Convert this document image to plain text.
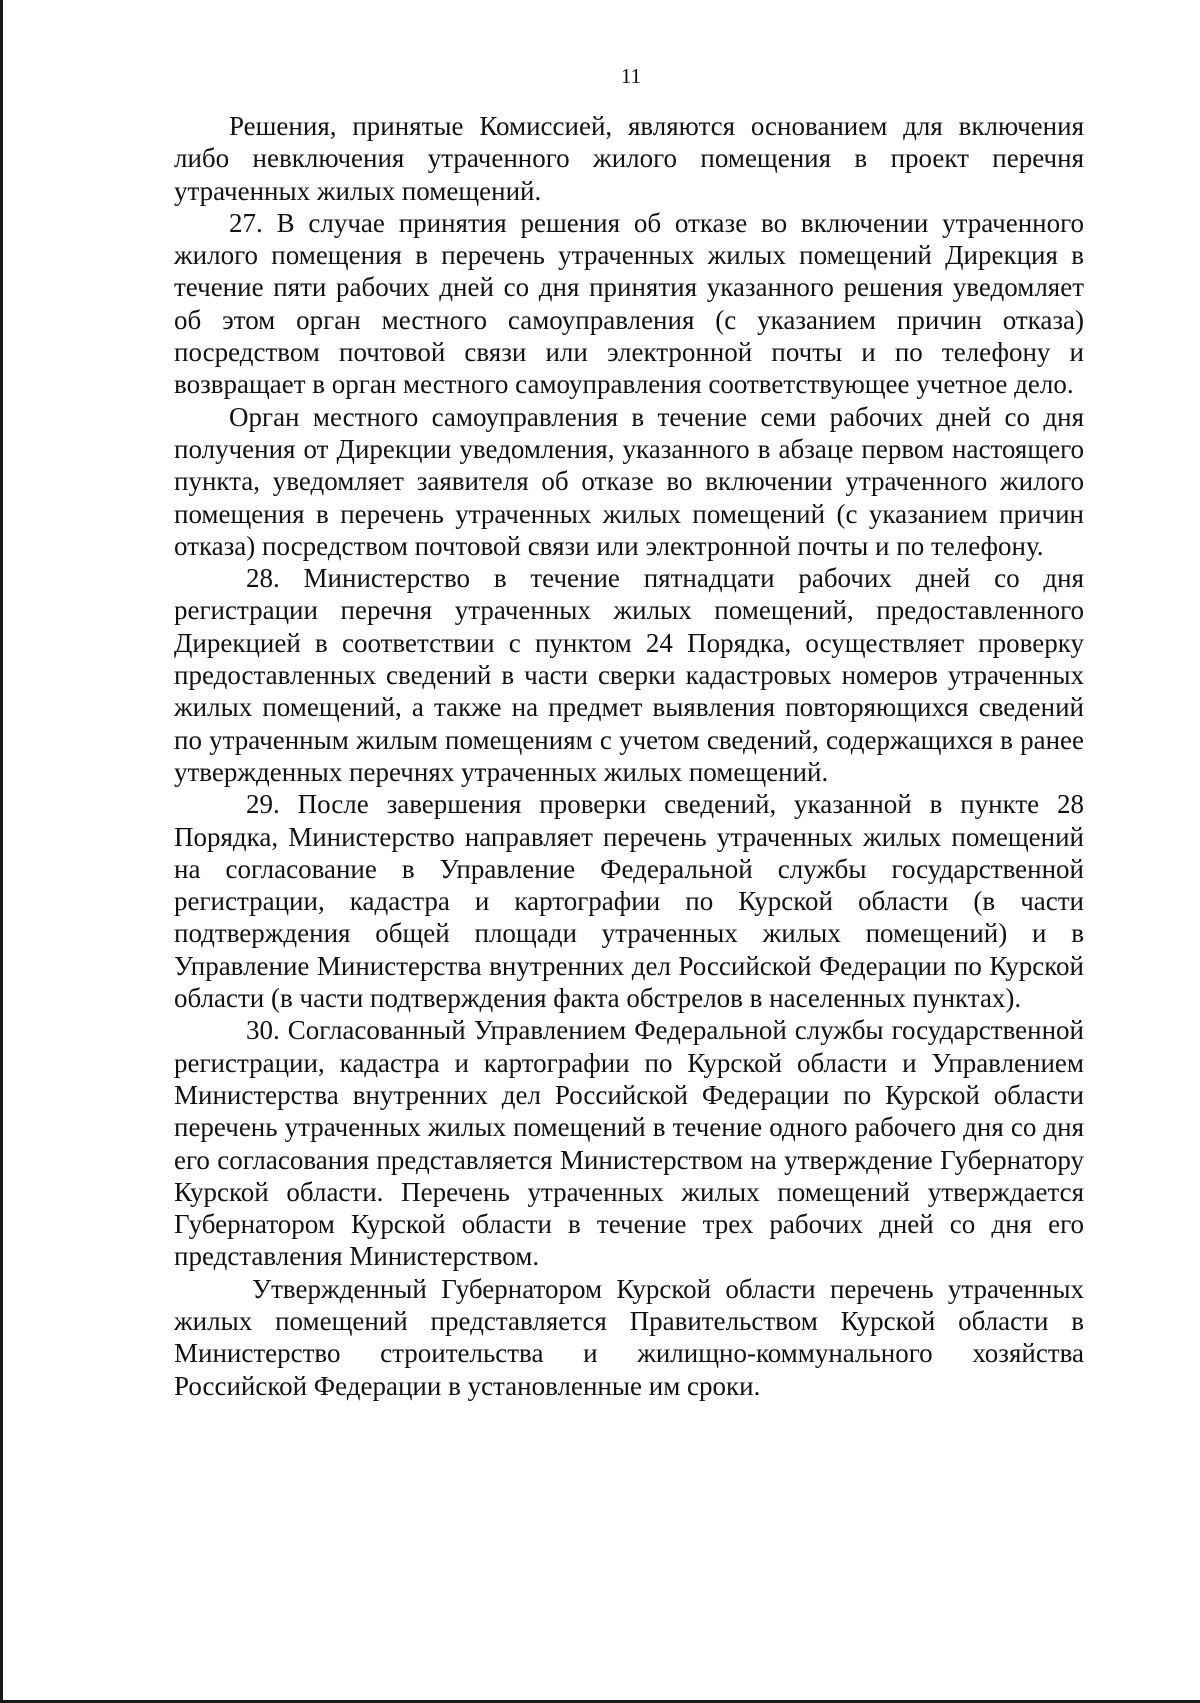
11

Решения, принятые Комиссией, являются основанием для включения либо невключения утраченного жилого помещения в проект перечня утраченных жилых помещений.

27. В случае принятия решения об отказе во включении утраченного жилого помещения в перечень утраченных жилых помещений Дирекция в течение пяти рабочих дней со дня принятия указанного решения уведомляет об этом орган местного самоуправления (с указанием причин отказа) посредством почтовой связи или электронной почты и по телефону и возвращает в орган местного самоуправления соответствующее учетное дело.

Орган местного самоуправления в течение семи рабочих дней со дня получения от Дирекции уведомления, указанного в абзаце первом настоящего пункта, уведомляет заявителя об отказе во включении утраченного жилого помещения в перечень утраченных жилых помещений (с указанием причин отказа) посредством почтовой связи или электронной почты и по телефону.

28. Министерство в течение пятнадцати рабочих дней со дня регистрации перечня утраченных жилых помещений, предоставленного Дирекцией в соответствии с пунктом 24 Порядка, осуществляет проверку предоставленных сведений в части сверки кадастровых номеров утраченных жилых помещений, а также на предмет выявления повторяющихся сведений по утраченным жилым помещениям с учетом сведений, содержащихся в ранее утвержденных перечнях утраченных жилых помещений.

29. После завершения проверки сведений, указанной в пункте 28 Порядка, Министерство направляет перечень утраченных жилых помещений на согласование в Управление Федеральной службы государственной регистрации, кадастра и картографии по Курской области (в части подтверждения общей площади утраченных жилых помещений) и в Управление Министерства внутренних дел Российской Федерации по Курской области (в части подтверждения факта обстрелов в населенных пунктах).

30. Согласованный Управлением Федеральной службы государственной регистрации, кадастра и картографии по Курской области и Управлением Министерства внутренних дел Российской Федерации по Курской области перечень утраченных жилых помещений в течение одного рабочего дня со дня его согласования представляется Министерством на утверждение Губернатору Курской области. Перечень утраченных жилых помещений утверждается Губернатором Курской области в течение трех рабочих дней со дня его представления Министерством.

Утвержденный Губернатором Курской области перечень утраченных жилых помещений представляется Правительством Курской области в Министерство строительства и жилищно-коммунального хозяйства Российской Федерации в установленные им сроки.
